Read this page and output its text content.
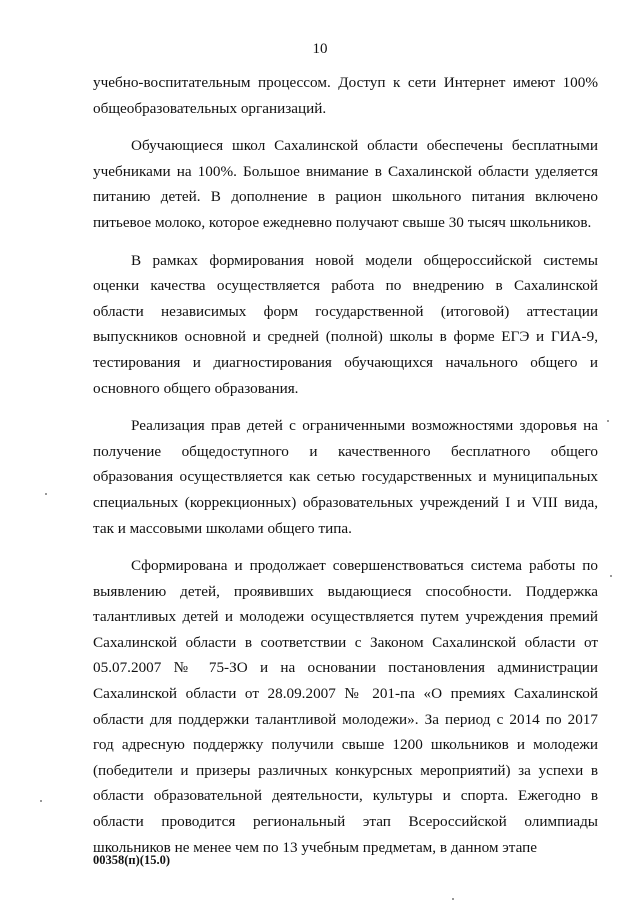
10

учебно-воспитательным процессом. Доступ к сети Интернет имеют 100% общеобразовательных организаций.

Обучающиеся школ Сахалинской области обеспечены бесплатными учебниками на 100%. Большое внимание в Сахалинской области уделяется питанию детей. В дополнение в рацион школьного питания включено питьевое молоко, которое ежедневно получают свыше 30 тысяч школьников.

В рамках формирования новой модели общероссийской системы оценки качества осуществляется работа по внедрению в Сахалинской области независимых форм государственной (итоговой) аттестации выпускников основной и средней (полной) школы в форме ЕГЭ и ГИА-9, тестирования и диагностирования обучающихся начального общего и основного общего образования.

Реализация прав детей с ограниченными возможностями здоровья на получение общедоступного и качественного бесплатного общего образования осуществляется как сетью государственных и муниципальных специальных (коррекционных) образовательных учреждений I и VIII вида, так и массовыми школами общего типа.

Сформирована и продолжает совершенствоваться система работы по выявлению детей, проявивших выдающиеся способности. Поддержка талантливых детей и молодежи осуществляется путем учреждения премий Сахалинской области в соответствии с Законом Сахалинской области от 05.07.2007 № 75-ЗО и на основании постановления администрации Сахалинской области от 28.09.2007 № 201-па «О премиях Сахалинской области для поддержки талантливой молодежи». За период с 2014 по 2017 год адресную поддержку получили свыше 1200 школьников и молодежи (победители и призеры различных конкурсных мероприятий) за успехи в области образовательной деятельности, культуры и спорта. Ежегодно в области проводится региональный этап Всероссийской олимпиады школьников не менее чем по 13 учебным предметам, в данном этапе

00358(п)(15.0)
